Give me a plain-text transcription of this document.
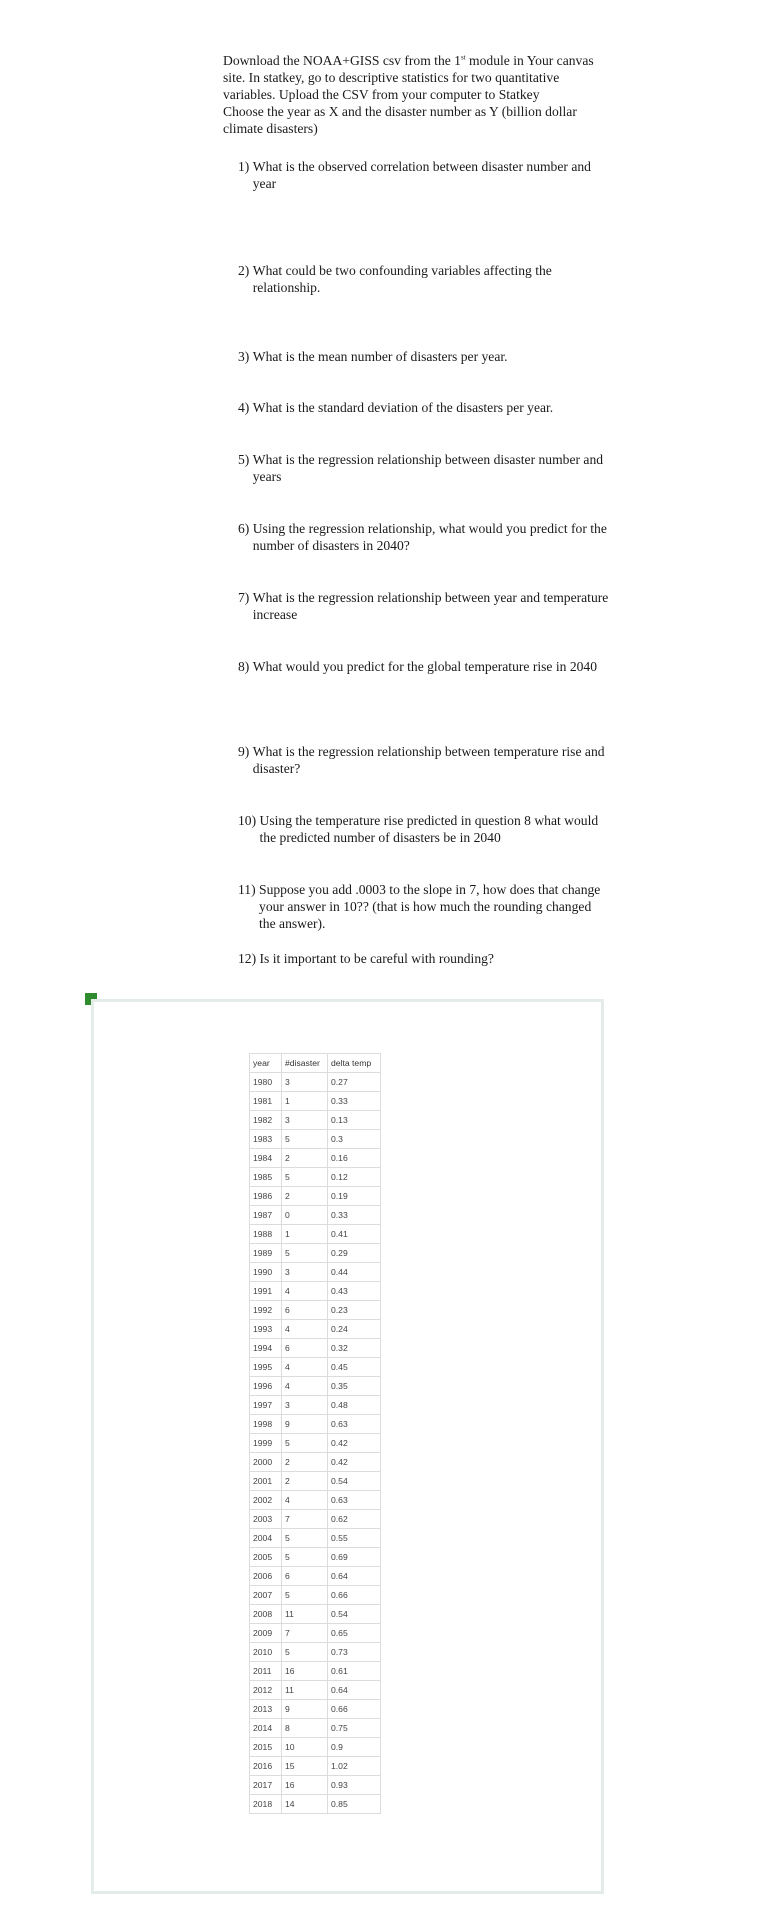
Download the NOAA+GISS csv from the 1st module in Your canvas site. In statkey, go to descriptive statistics for two quantitative variables. Upload the CSV from your computer to Statkey

Choose the year as X and the disaster number as Y (billion dollar climate disasters)

1)
What is the observed correlation between disaster number and year
2)
What could be two confounding variables affecting the relationship.
3)
What is the mean number of disasters per year.
4)
What is the standard deviation of the disasters per year.
5)
What is the regression relationship between disaster number and years
6)
Using the regression relationship, what would you predict for the number of disasters in 2040?
7)
What is the regression relationship between year and temperature increase
8)
What would you predict for the global temperature rise in 2040
9)
What is the regression relationship between temperature rise and disaster?
10)
Using the temperature rise predicted in question 8 what would the predicted number of disasters be in 2040
11)
Suppose you add .0003 to the slope in 7, how does that change your answer in 10?? (that is how much the rounding changed the answer).
12)
Is it important to be careful with rounding?
year	#disaster	delta temp
1980	3	0.27
1981	1	0.33
1982	3	0.13
1983	5	0.3
1984	2	0.16
1985	5	0.12
1986	2	0.19
1987	0	0.33
1988	1	0.41
1989	5	0.29
1990	3	0.44
1991	4	0.43
1992	6	0.23
1993	4	0.24
1994	6	0.32
1995	4	0.45
1996	4	0.35
1997	3	0.48
1998	9	0.63
1999	5	0.42
2000	2	0.42
2001	2	0.54
2002	4	0.63
2003	7	0.62
2004	5	0.55
2005	5	0.69
2006	6	0.64
2007	5	0.66
2008	11	0.54
2009	7	0.65
2010	5	0.73
2011	16	0.61
2012	11	0.64
2013	9	0.66
2014	8	0.75
2015	10	0.9
2016	15	1.02
2017	16	0.93
2018	14	0.85
